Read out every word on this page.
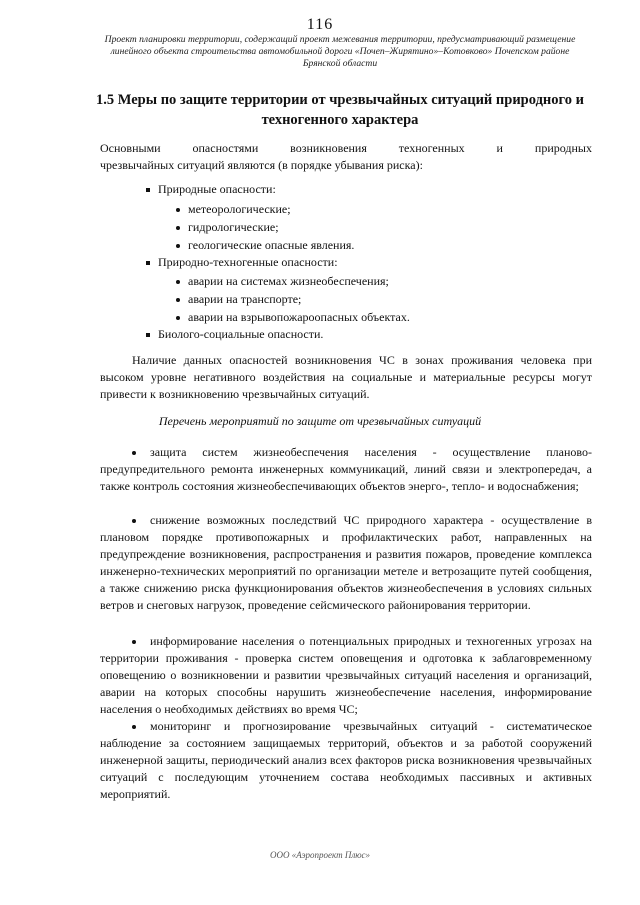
116
Проект планировки территории, содержащий проект межевания территории, предусматривающий размещение линейного объекта строительства автомобильной дороги «Почеп–Жирятино»–Котовково» Почепском районе Брянской области
1.5 Меры по защите территории от чрезвычайных ситуаций природного и техногенного характера
Основными опасностями возникновения техногенных и природных
чрезвычайных ситуаций являются (в порядке убывания риска):
Природные опасности:
метеорологические;
гидрологические;
геологические опасные явления.
Природно-техногенные опасности:
аварии на системах жизнеобеспечения;
аварии на транспорте;
аварии на взрывопожароопасных объектах.
Биолого-социальные опасности.
Наличие данных опасностей возникновения ЧС в зонах проживания человека при высоком уровне негативного воздействия на социальные и материальные ресурсы могут привести к возникновению чрезвычайных ситуаций.
Перечень мероприятий по защите от чрезвычайных ситуаций
защита систем жизнеобеспечения населения - осуществление планово-предупредительного ремонта инженерных коммуникаций, линий связи и электропередач, а также контроль состояния жизнеобеспечивающих объектов энерго-, тепло- и водоснабжения;
снижение возможных последствий ЧС природного характера - осуществление в плановом порядке противопожарных и профилактических работ, направленных на предупреждение возникновения, распространения и развития пожаров, проведение комплекса инженерно-технических мероприятий по организации метеле и ветрозащите путей сообщения, а также снижению риска функционирования объектов жизнеобеспечения в условиях сильных ветров и снеговых нагрузок, проведение сейсмического районирования территории.
информирование населения о потенциальных природных и техногенных угрозах на территории проживания - проверка систем оповещения и одготовка к заблаговременному оповещению о возникновении и развитии чрезвычайных ситуаций населения и организаций, аварии на которых способны нарушить жизнеобеспечение населения, информирование населения о необходимых действиях во время ЧС;
мониторинг и прогнозирование чрезвычайных ситуаций - систематическое наблюдение за состоянием защищаемых территорий, объектов и за работой сооружений инженерной защиты, периодический анализ всех факторов риска возникновения чрезвычайных ситуаций с последующим уточнением состава необходимых пассивных и активных мероприятий.
ООО «Аэропроект Плюс»
